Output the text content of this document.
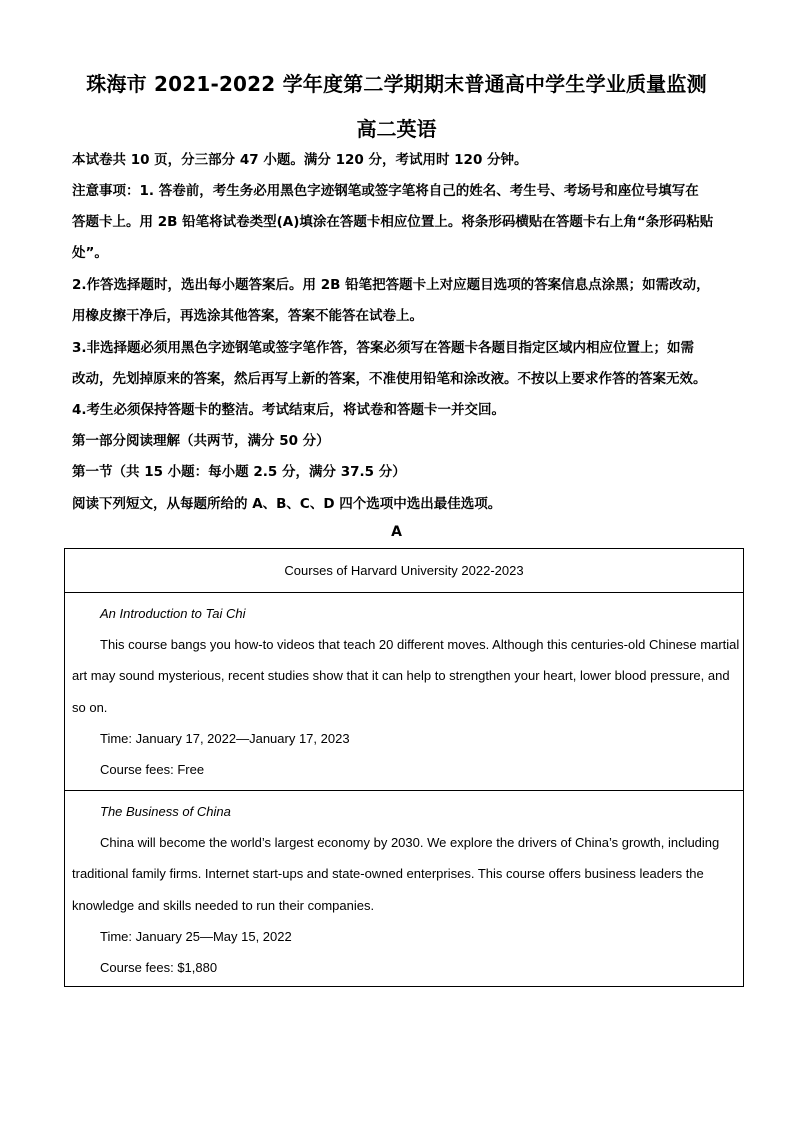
珠海市 2021-2022 学年度第二学期期末普通高中学生学业质量监测
高二英语
本试卷共 10 页，分三部分 47 小题。满分 120 分，考试用时 120 分钟。
注意事项：1. 答卷前，考生务必用黑色字迹钢笔或签字笔将自己的姓名、考生号、考场号和座位号填写在
答题卡上。用 2B 铅笔将试卷类型(A)填涂在答题卡相应位置上。将条形码横贴在答题卡右上角“条形码粘贴
处”。
2.作答选择题时，选出每小题答案后。用 2B 铅笔把答题卡上对应题目选项的答案信息点涂黑；如需改动，
用橡皮擦干净后，再选涂其他答案，答案不能答在试卷上。
3.非选择题必须用黑色字迹钢笔或签字笔作答，答案必须写在答题卡各题目指定区域内相应位置上；如需
改动，先划掉原来的答案，然后再写上新的答案，不准使用铅笔和涂改液。不按以上要求作答的答案无效。
4.考生必须保持答题卡的整洁。考试结束后，将试卷和答题卡一并交回。
第一部分阅读理解（共两节，满分 50 分）
第一节（共 15 小题：每小题 2.5 分，满分 37.5 分）
阅读下列短文，从每题所给的 A、B、C、D 四个选项中选出最佳选项。
A
Courses of Harvard University 2022-2023
An Introduction to Tai Chi
This course bangs you how-to videos that teach 20 different moves. Although this centuries-old Chinese martial
art may sound mysterious, recent studies show that it can help to strengthen your heart, lower blood pressure, and
so on.
Time: January 17, 2022—January 17, 2023
Course fees: Free
The Business of China
China will become the world’s largest economy by 2030. We explore the drivers of China’s growth, including
traditional family firms. Internet start-ups and state-owned enterprises. This course offers business leaders the
knowledge and skills needed to run their companies.
Time: January 25—May 15, 2022
Course fees: $1,880
